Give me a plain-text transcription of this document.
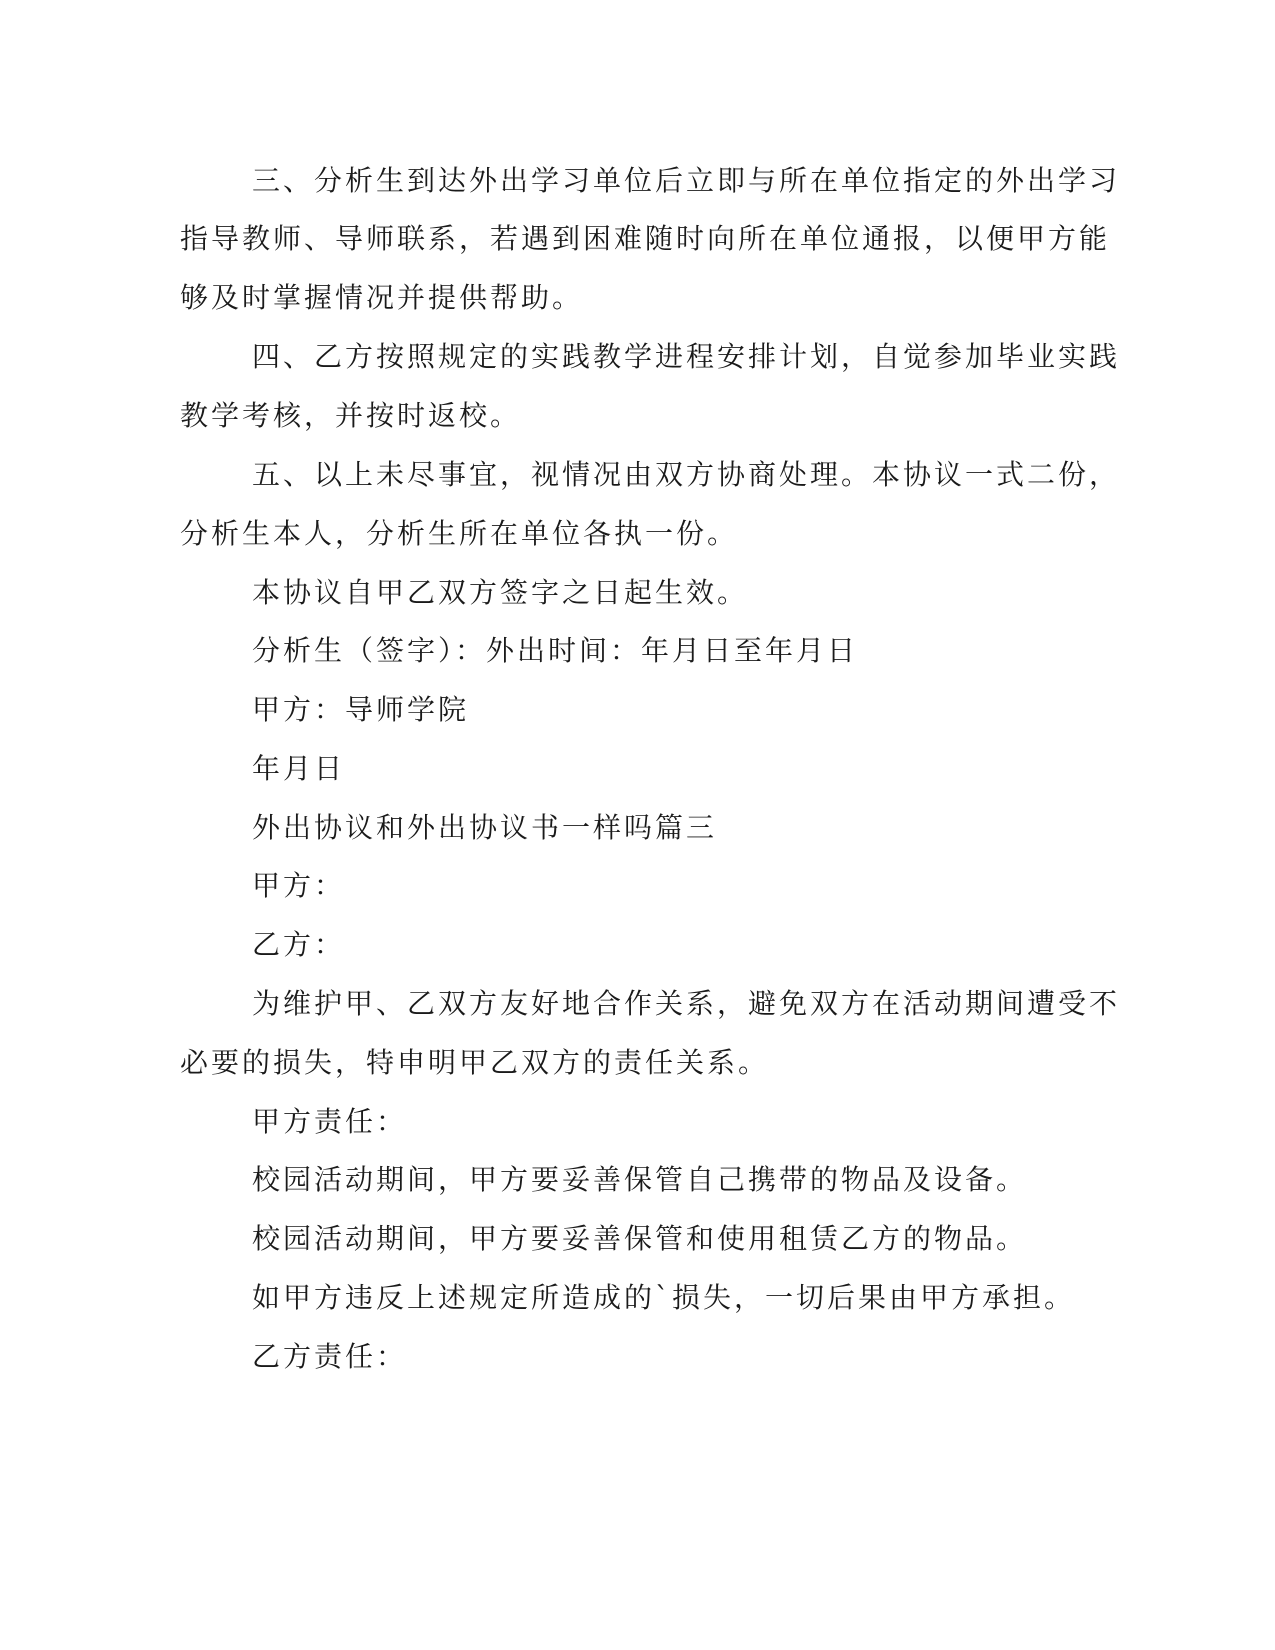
三、分析生到达外出学习单位后立即与所在单位指定的外出学习
指导教师、导师联系，若遇到困难随时向所在单位通报，以便甲方能
够及时掌握情况并提供帮助。
四、乙方按照规定的实践教学进程安排计划，自觉参加毕业实践
教学考核，并按时返校。
五、以上未尽事宜，视情况由双方协商处理。本协议一式二份，
分析生本人，分析生所在单位各执一份。
本协议自甲乙双方签字之日起生效。
分析生（签字）：外出时间：年月日至年月日
甲方：导师学院
年月日
外出协议和外出协议书一样吗篇三
甲方：
乙方：
为维护甲、乙双方友好地合作关系，避免双方在活动期间遭受不
必要的损失，特申明甲乙双方的责任关系。
甲方责任：
校园活动期间，甲方要妥善保管自己携带的物品及设备。
校园活动期间，甲方要妥善保管和使用租赁乙方的物品。
如甲方违反上述规定所造成的`损失，一切后果由甲方承担。
乙方责任：
